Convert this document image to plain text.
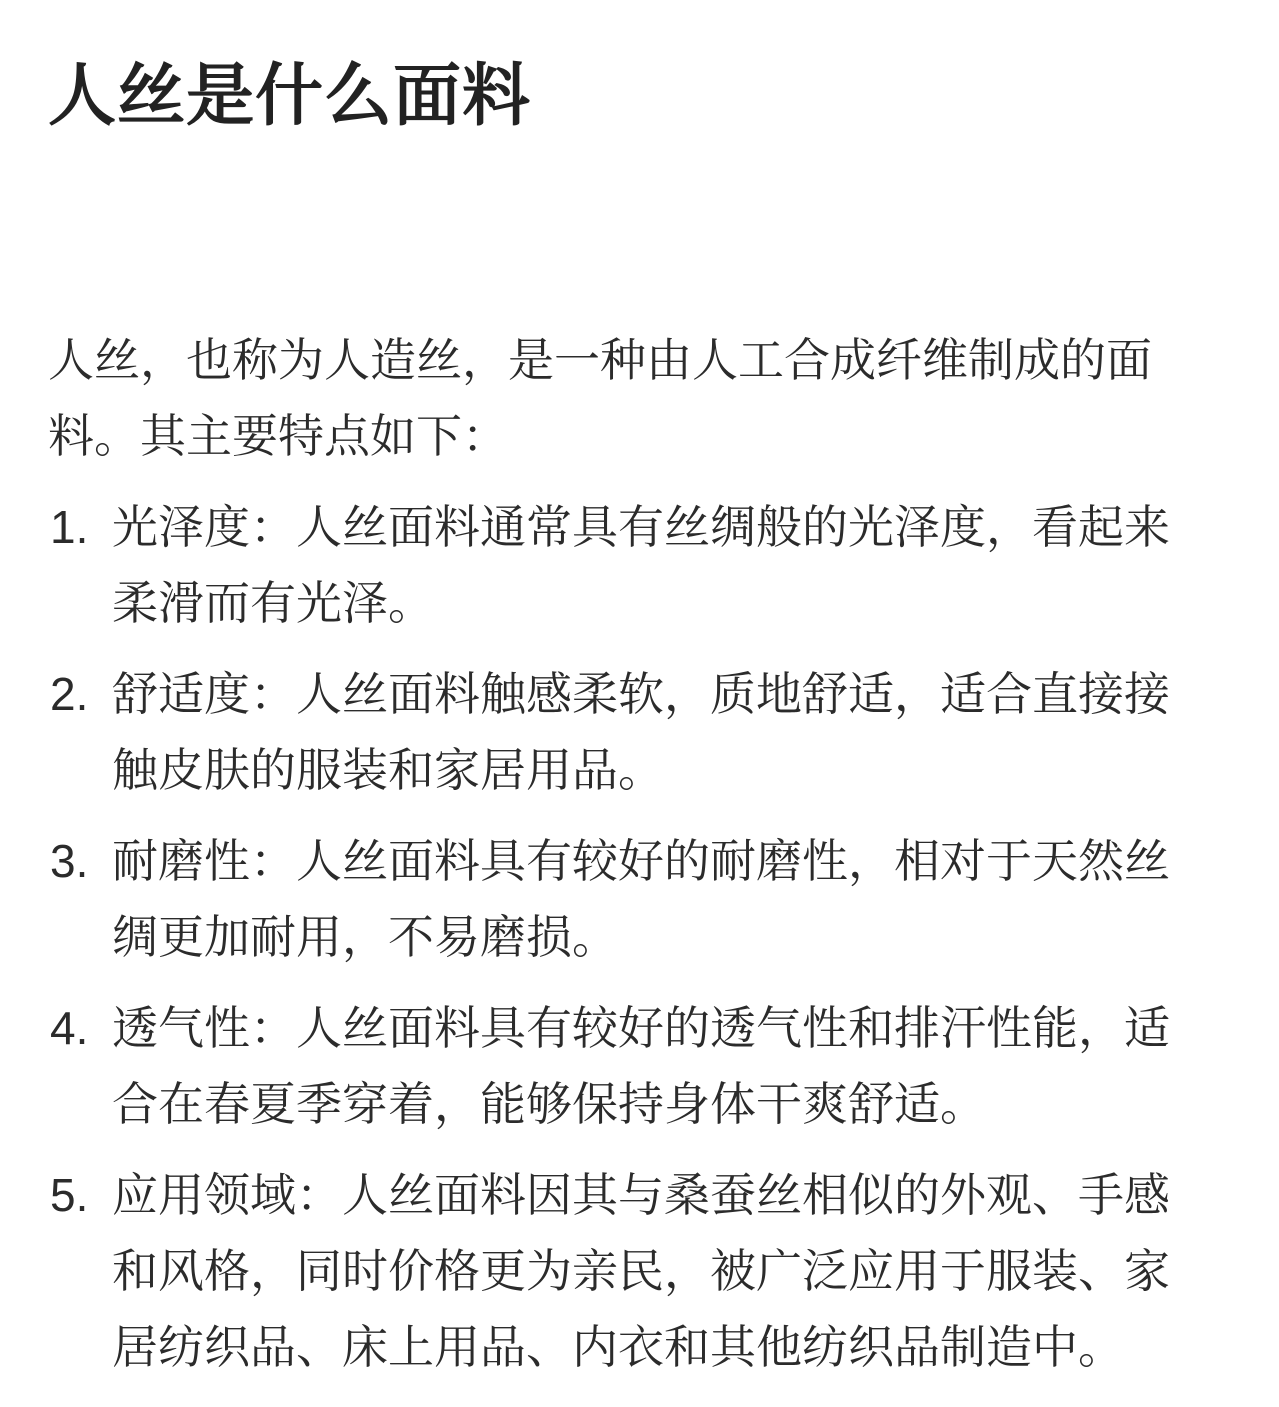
人丝是什么面料

人丝，也称为人造丝，是一种由人工合成纤维制成的面料。其主要特点如下：

1. 光泽度：人丝面料通常具有丝绸般的光泽度，看起来柔滑而有光泽。
2. 舒适度：人丝面料触感柔软，质地舒适，适合直接接触皮肤的服装和家居用品。
3. 耐磨性：人丝面料具有较好的耐磨性，相对于天然丝绸更加耐用，不易磨损。
4. 透气性：人丝面料具有较好的透气性和排汗性能，适合在春夏季穿着，能够保持身体干爽舒适。
5. 应用领域：人丝面料因其与桑蚕丝相似的外观、手感和风格，同时价格更为亲民，被广泛应用于服装、家居纺织品、床上用品、内衣和其他纺织品制造中。
